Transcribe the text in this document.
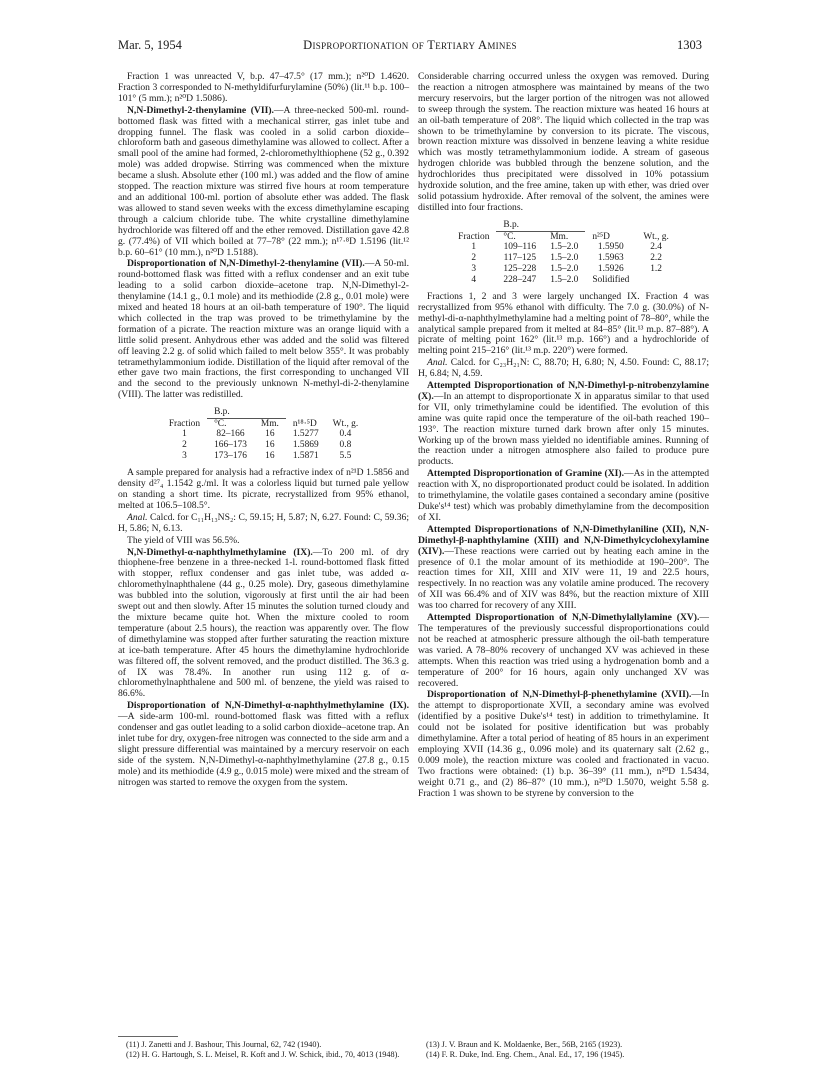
Mar. 5, 1954	Disproportionation of Tertiary Amines	1303

Fraction 1 was unreacted V, b.p. 47–47.5° (17 mm.); n²⁰D 1.4620. Fraction 3 corresponded to N-methyldifurfurylamine (50%) (lit.¹¹ b.p. 100–101° (5 mm.); n²⁰D 1.5086).

N,N-Dimethyl-2-thenylamine (VII).—A three-necked 500-ml. round-bottomed flask was fitted with a mechanical stirrer, gas inlet tube and dropping funnel. The flask was cooled in a solid carbon dioxide–chloroform bath and gaseous dimethylamine was allowed to collect. After a small pool of the amine had formed, 2-chloromethylthiophene (52 g., 0.392 mole) was added dropwise. Stirring was commenced when the mixture became a slush. Absolute ether (100 ml.) was added and the flow of amine stopped. The reaction mixture was stirred five hours at room temperature and an additional 100-ml. portion of absolute ether was added. The flask was allowed to stand seven weeks with the excess dimethylamine escaping through a calcium chloride tube. The white crystalline dimethylamine hydrochloride was filtered off and the ether removed. Distillation gave 42.8 g. (77.4%) of VII which boiled at 77–78° (22 mm.); n¹⁷·⁸D 1.5196 (lit.¹² b.p. 60–61° (10 mm.), n²⁰D 1.5188).

Disproportionation of N,N-Dimethyl-2-thenylamine (VII).—A 50-ml. round-bottomed flask was fitted with a reflux condenser and an exit tube leading to a solid carbon dioxide–acetone trap. N,N-Dimethyl-2-thenylamine (14.1 g., 0.1 mole) and its methiodide (2.8 g., 0.01 mole) were mixed and heated 18 hours at an oil-bath temperature of 190°. The liquid which collected in the trap was proved to be trimethylamine by the formation of a picrate. The reaction mixture was an orange liquid with a little solid present. Anhydrous ether was added and the solid was filtered off leaving 2.2 g. of solid which failed to melt below 355°. It was probably tetramethylammonium iodide. Distillation of the liquid after removal of the ether gave two main fractions, the first corresponding to unchanged VII and the second to the previously unknown N-methyl-di-2-thenylamine (VIII). The latter was redistilled.

	B.p.			
Fraction	°C.	Mm.	n¹⁸·⁵D	Wt., g.
1	82–166	16	1.5277	0.4
2	166–173	16	1.5869	0.8
3	173–176	16	1.5871	5.5

A sample prepared for analysis had a refractive index of n²¹D 1.5856 and density d²⁷₄ 1.1542 g./ml. It was a colorless liquid but turned pale yellow on standing a short time. Its picrate, recrystallized from 95% ethanol, melted at 106.5–108.5°.

Anal. Calcd. for C₁₁H₁₃NS₂: C, 59.15; H, 5.87; N, 6.27. Found: C, 59.36; H, 5.86; N, 6.13.

The yield of VIII was 56.5%.

N,N-Dimethyl-α-naphthylmethylamine (IX).—To 200 ml. of dry thiophene-free benzene in a three-necked 1-l. round-bottomed flask fitted with stopper, reflux condenser and gas inlet tube, was added α-chloromethylnaphthalene (44 g., 0.25 mole). Dry, gaseous dimethylamine was bubbled into the solution, vigorously at first until the air had been swept out and then slowly. After 15 minutes the solution turned cloudy and the mixture became quite hot. When the mixture cooled to room temperature (about 2.5 hours), the reaction was apparently over. The flow of dimethylamine was stopped after further saturating the reaction mixture at ice-bath temperature. After 45 hours the dimethylamine hydrochloride was filtered off, the solvent removed, and the product distilled. The 36.3 g. of IX was 78.4%. In another run using 112 g. of α-chloromethylnaphthalene and 500 ml. of benzene, the yield was raised to 86.6%.

Disproportionation of N,N-Dimethyl-α-naphthylmethylamine (IX).—A side-arm 100-ml. round-bottomed flask was fitted with a reflux condenser and gas outlet leading to a solid carbon dioxide–acetone trap. An inlet tube for dry, oxygen-free nitrogen was connected to the side arm and a slight pressure differential was maintained by a mercury reservoir on each side of the system. N,N-Dimethyl-α-naphthylmethylamine (27.8 g., 0.15 mole) and its methiodide (4.9 g., 0.015 mole) were mixed and the stream of nitrogen was started to remove the oxygen from the system.

Considerable charring occurred unless the oxygen was removed. During the reaction a nitrogen atmosphere was maintained by means of the two mercury reservoirs, but the larger portion of the nitrogen was not allowed to sweep through the system. The reaction mixture was heated 16 hours at an oil-bath temperature of 208°. The liquid which collected in the trap was shown to be trimethylamine by conversion to its picrate. The viscous, brown reaction mixture was dissolved in benzene leaving a white residue which was mostly tetramethylammonium iodide. A stream of gaseous hydrogen chloride was bubbled through the benzene solution, and the hydrochlorides thus precipitated were dissolved in 10% potassium hydroxide solution, and the free amine, taken up with ether, was dried over solid potassium hydroxide. After removal of the solvent, the amines were distilled into four fractions.

	B.p.			
Fraction	°C.	Mm.	n²⁵D	Wt., g.
1	109–116	1.5–2.0	1.5950	2.4
2	117–125	1.5–2.0	1.5963	2.2
3	125–228	1.5–2.0	1.5926	1.2
4	228–247	1.5–2.0	Solidified	

Fractions 1, 2 and 3 were largely unchanged IX. Fraction 4 was recrystallized from 95% ethanol with difficulty. The 7.0 g. (30.0%) of N-methyl-di-α-naphthylmethylamine had a melting point of 78–80°, while the analytical sample prepared from it melted at 84–85° (lit.¹³ m.p. 87–88°). A picrate of melting point 162° (lit.¹³ m.p. 166°) and a hydrochloride of melting point 215–216° (lit.¹³ m.p. 220°) were formed.

Anal. Calcd. for C₂₃H₂₁N: C, 88.70; H, 6.80; N, 4.50. Found: C, 88.17; H, 6.84; N, 4.59.

Attempted Disproportionation of N,N-Dimethyl-p-nitrobenzylamine (X).—In an attempt to disproportionate X in apparatus similar to that used for VII, only trimethylamine could be identified. The evolution of this amine was quite rapid once the temperature of the oil-bath reached 190–193°. The reaction mixture turned dark brown after only 15 minutes. Working up of the brown mass yielded no identifiable amines. Running of the reaction under a nitrogen atmosphere also failed to produce pure products.

Attempted Disproportionation of Gramine (XI).—As in the attempted reaction with X, no disproportionated product could be isolated. In addition to trimethylamine, the volatile gases contained a secondary amine (positive Duke's¹⁴ test) which was probably dimethylamine from the decomposition of XI.

Attempted Disproportionations of N,N-Dimethylaniline (XII), N,N-Dimethyl-β-naphthylamine (XIII) and N,N-Dimethylcyclohexylamine (XIV).—These reactions were carried out by heating each amine in the presence of 0.1 the molar amount of its methiodide at 190–200°. The reaction times for XII, XIII and XIV were 11, 19 and 22.5 hours, respectively. In no reaction was any volatile amine produced. The recovery of XII was 66.4% and of XIV was 84%, but the reaction mixture of XIII was too charred for recovery of any XIII.

Attempted Disproportionation of N,N-Dimethylallylamine (XV).—The temperatures of the previously successful disproportionations could not be reached at atmospheric pressure although the oil-bath temperature was varied. A 78–80% recovery of unchanged XV was achieved in these attempts. When this reaction was tried using a hydrogenation bomb and a temperature of 200° for 16 hours, again only unchanged XV was recovered.

Disproportionation of N,N-Dimethyl-β-phenethylamine (XVII).—In the attempt to disproportionate XVII, a secondary amine was evolved (identified by a positive Duke's¹⁴ test) in addition to trimethylamine. It could not be isolated for positive identification but was probably dimethylamine. After a total period of heating of 85 hours in an experiment employing XVII (14.36 g., 0.096 mole) and its quaternary salt (2.62 g., 0.009 mole), the reaction mixture was cooled and fractionated in vacuo. Two fractions were obtained: (1) b.p. 36–39° (11 mm.), n²⁰D 1.5434, weight 0.71 g., and (2) 86–87° (10 mm.), n²⁰D 1.5070, weight 5.58 g. Fraction 1 was shown to be styrene by conversion to the

(11) J. Zanetti and J. Bashour, This Journal, 62, 742 (1940).
(12) H. G. Hartough, S. L. Meisel, R. Koft and J. W. Schick, ibid., 70, 4013 (1948).
(13) J. V. Braun and K. Moldaenke, Ber., 56B, 2165 (1923).
(14) F. R. Duke, Ind. Eng. Chem., Anal. Ed., 17, 196 (1945).
